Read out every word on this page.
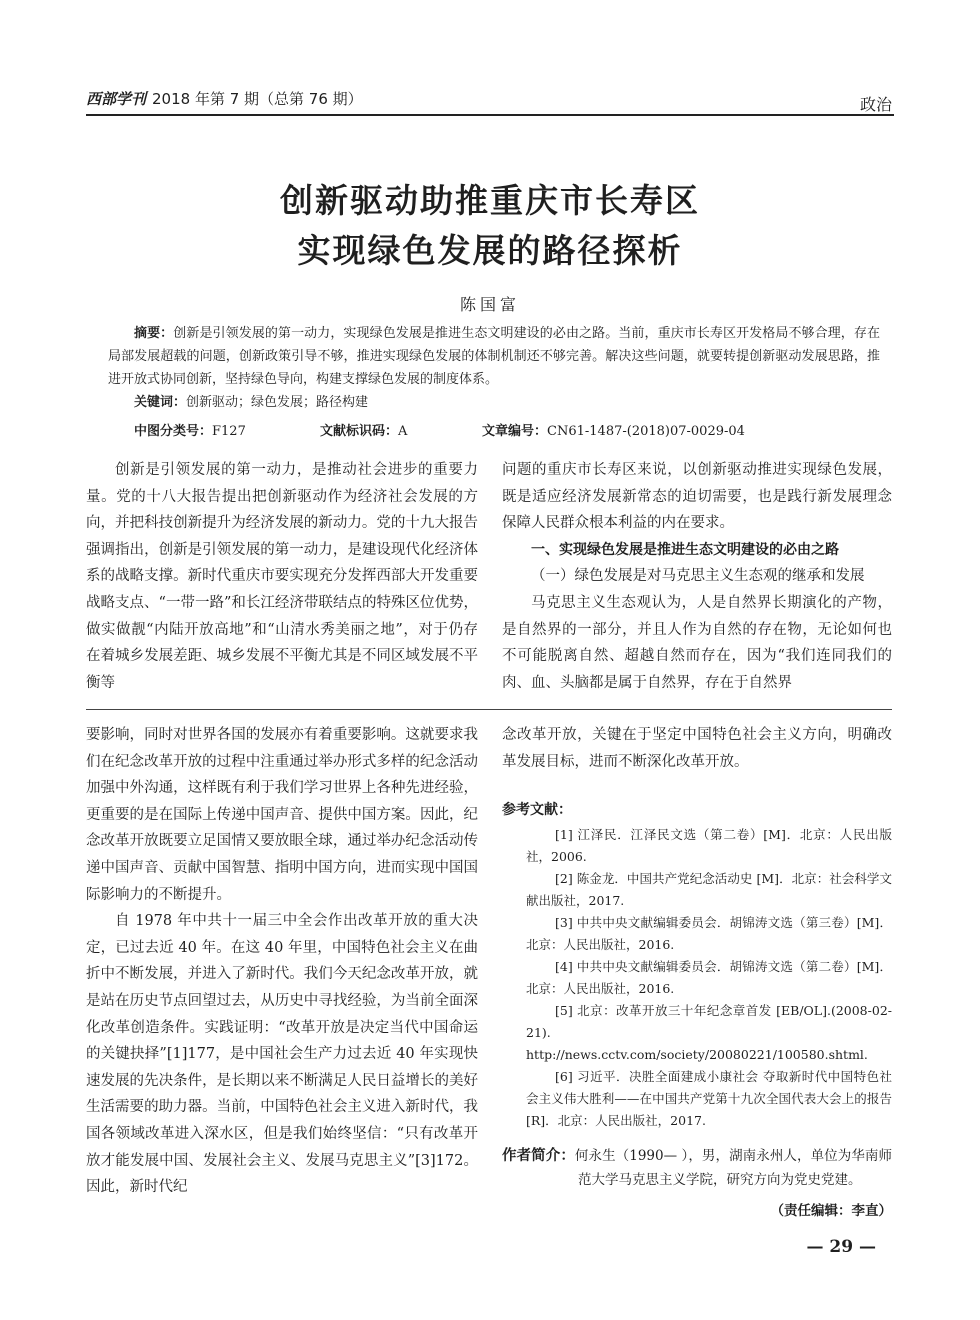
西部学刊 2018 年第 7 期（总第 76 期）	政治
创新驱动助推重庆市长寿区
实现绿色发展的路径探析
陈国富

摘要：创新是引领发展的第一动力，实现绿色发展是推进生态文明建设的必由之路。当前，重庆市长寿区开发格局不够合理，存在局部发展超载的问题，创新政策引导不够，推进实现绿色发展的体制机制还不够完善。解决这些问题，就要转提创新驱动发展思路，推进开放式协同创新，坚持绿色导向，构建支撑绿色发展的制度体系。

关键词：创新驱动；绿色发展；路径构建

中图分类号：F127	文献标识码：A	文章编号：CN61-1487-(2018)07-0029-04

创新是引领发展的第一动力，是推动社会进步的重要力量。党的十八大报告提出把创新驱动作为经济社会发展的方向，并把科技创新提升为经济发展的新动力。党的十九大报告强调指出，创新是引领发展的第一动力，是建设现代化经济体系的战略支撑。新时代重庆市要实现充分发挥西部大开发重要战略支点、“一带一路”和长江经济带联结点的特殊区位优势，做实做靓“内陆开放高地”和“山清水秀美丽之地”，对于仍存在着城乡发展差距、城乡发展不平衡尤其是不同区域发展不平衡等

问题的重庆市长寿区来说，以创新驱动推进实现绿色发展，既是适应经济发展新常态的迫切需要，也是践行新发展理念保障人民群众根本利益的内在要求。

一、实现绿色发展是推进生态文明建设的必由之路

（一）绿色发展是对马克思主义生态观的继承和发展

马克思主义生态观认为，人是自然界长期演化的产物，是自然界的一部分，并且人作为自然的存在物，无论如何也不可能脱离自然、超越自然而存在，因为“我们连同我们的肉、血、头脑都是属于自然界，存在于自然界

要影响，同时对世界各国的发展亦有着重要影响。这就要求我们在纪念改革开放的过程中注重通过举办形式多样的纪念活动加强中外沟通，这样既有利于我们学习世界上各种先进经验，更重要的是在国际上传递中国声音、提供中国方案。因此，纪念改革开放既要立足国情又要放眼全球，通过举办纪念活动传递中国声音、贡献中国智慧、指明中国方向，进而实现中国国际影响力的不断提升。

自 1978 年中共十一届三中全会作出改革开放的重大决定，已过去近 40 年。在这 40 年里，中国特色社会主义在曲折中不断发展，并进入了新时代。我们今天纪念改革开放，就是站在历史节点回望过去，从历史中寻找经验，为当前全面深化改革创造条件。实践证明：“改革开放是决定当代中国命运的关键抉择”[1]177，是中国社会生产力过去近 40 年实现快速发展的先决条件，是长期以来不断满足人民日益增长的美好生活需要的助力器。当前，中国特色社会主义进入新时代，我国各领域改革进入深水区，但是我们始终坚信：“只有改革开放才能发展中国、发展社会主义、发展马克思主义”[3]172。因此，新时代纪

念改革开放，关键在于坚定中国特色社会主义方向，明确改革发展目标，进而不断深化改革开放。

参考文献：

[1] 江泽民．江泽民文选（第二卷）[M]．北京：人民出版社，2006.

[2] 陈金龙．中国共产党纪念活动史 [M]．北京：社会科学文献出版社，2017.

[3] 中共中央文献编辑委员会．胡锦涛文选（第三卷）[M]．北京：人民出版社，2016.

[4] 中共中央文献编辑委员会．胡锦涛文选（第二卷）[M]．北京：人民出版社，2016.

[5] 北京：改革开放三十年纪念章首发 [EB/OL].(2008-02-21). http://news.cctv.com/society/20080221/100580.shtml.

[6] 习近平．决胜全面建成小康社会 夺取新时代中国特色社会主义伟大胜利——在中国共产党第十九次全国代表大会上的报告 [R]．北京：人民出版社，2017.

作者简介：何永生（1990— ），男，湖南永州人，单位为华南师范大学马克思主义学院，研究方向为党史党建。
（责任编辑：李直）
— 29 —
